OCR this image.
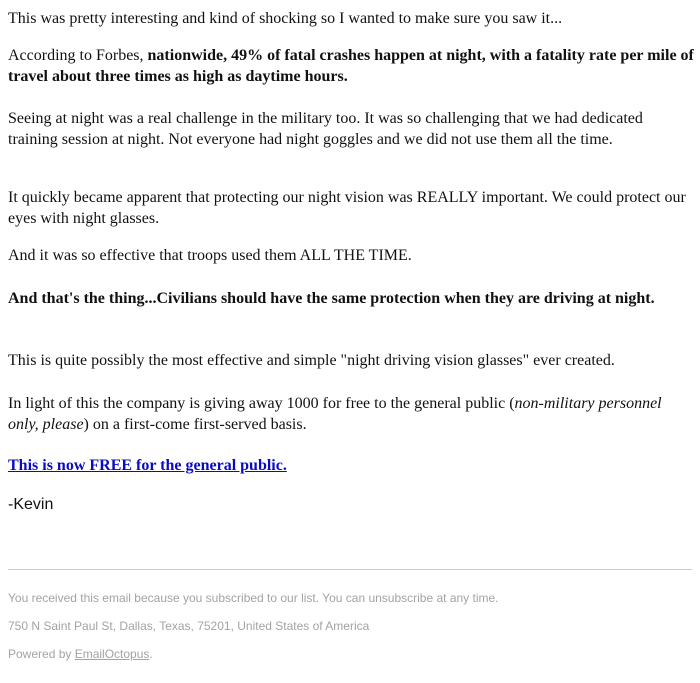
This was pretty interesting and kind of shocking so I wanted to make sure you saw it...

According to Forbes, nationwide, 49% of fatal crashes happen at night, with a fatality rate per mile of travel about three times as high as daytime hours.

Seeing at night was a real challenge in the military too. It was so challenging that we had dedicated training session at night. Not everyone had night goggles and we did not use them all the time.

It quickly became apparent that protecting our night vision was REALLY important. We could protect our eyes with night glasses.

And it was so effective that troops used them ALL THE TIME.

And that's the thing...Civilians should have the same protection when they are driving at night.

This is quite possibly the most effective and simple "night driving vision glasses" ever created.

In light of this the company is giving away 1000 for free to the general public (non-military personnel only, please) on a first-come first-served basis.

This is now FREE for the general public.

-Kevin

You received this email because you subscribed to our list. You can unsubscribe at any time.
750 N Saint Paul St, Dallas, Texas, 75201, United States of America
Powered by EmailOctopus.
